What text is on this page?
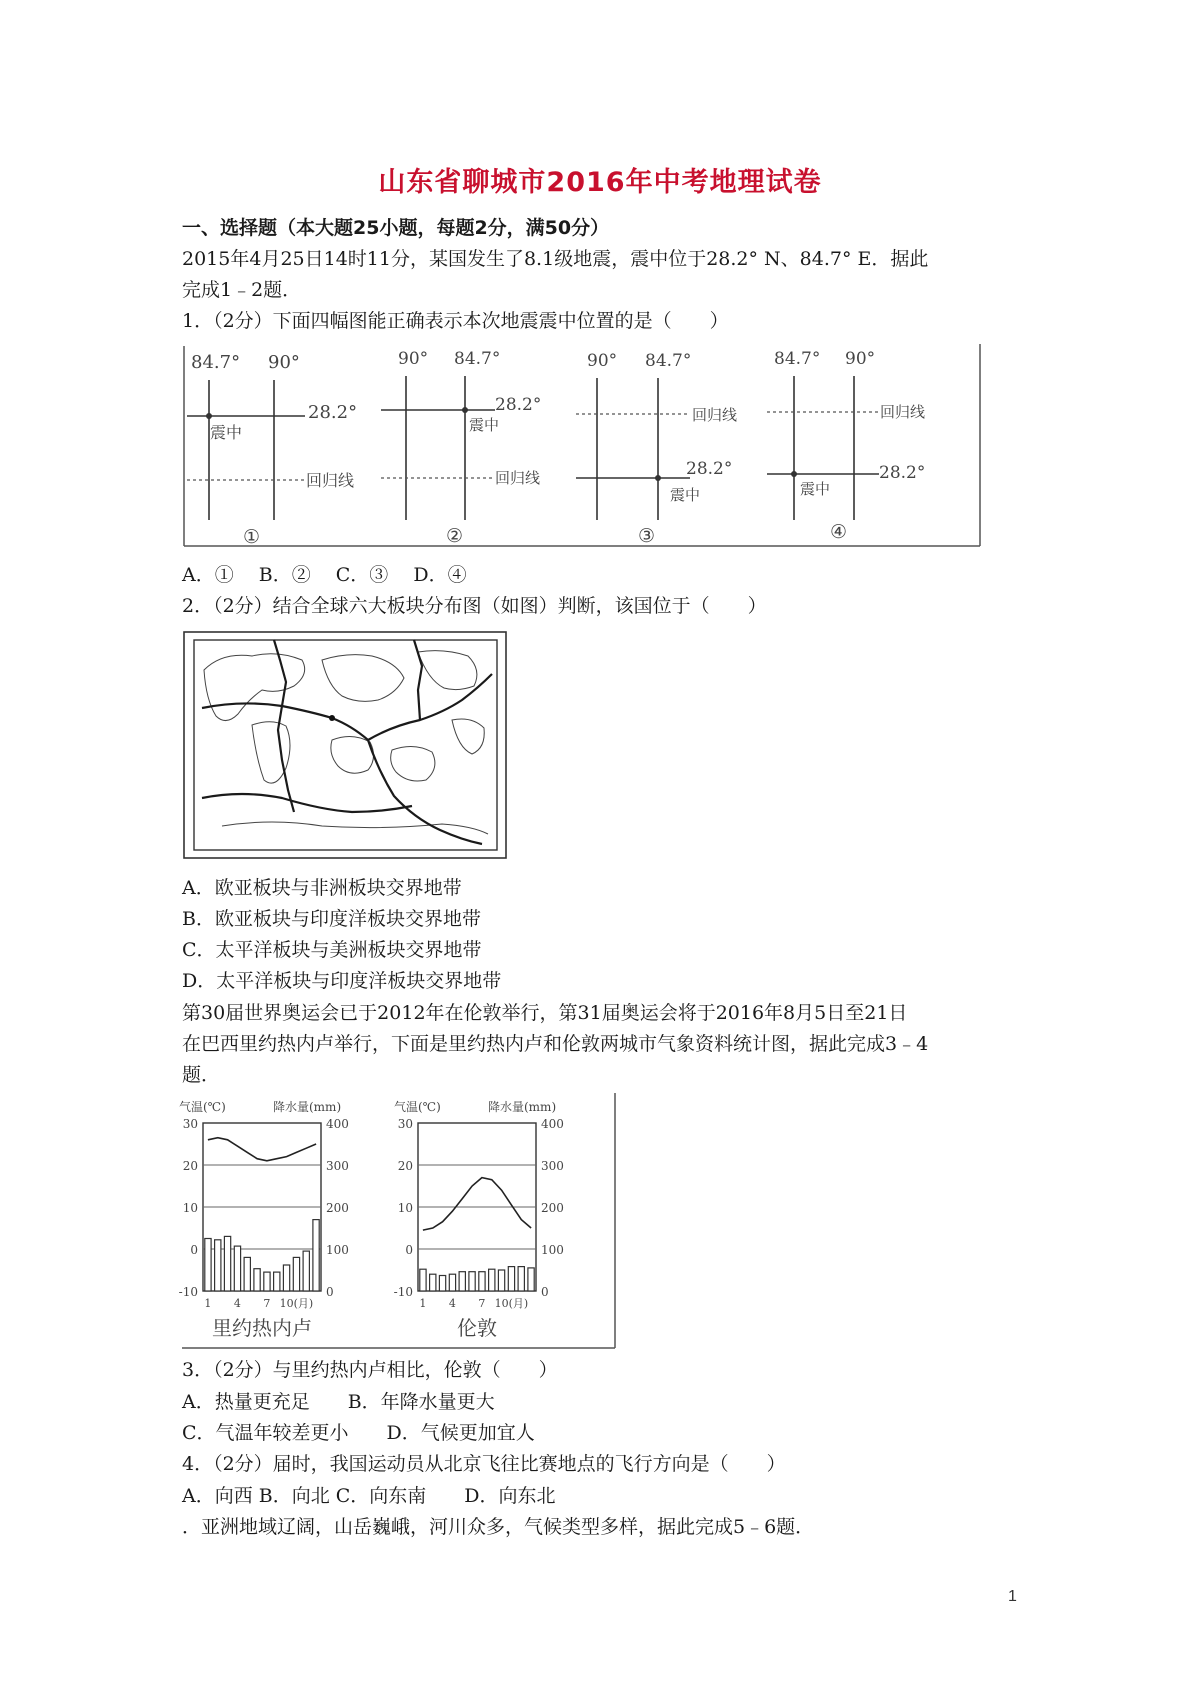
山东省聊城市2016年中考地理试卷
一、选择题（本大题25小题，每题2分，满50分）
2015年4月25日14时11分，某国发生了8.1级地震，震中位于28.2° N、84.7° E．据此
完成1﹣2题．
1．（2分）下面四幅图能正确表示本次地震震中位置的是（　　）
84.7° 90°
28.2°
震中
回归线
①
90° 84.7°
28.2°
震中
回归线
②
90° 84.7°
回归线
28.2°
震中
③
84.7° 90°
回归线
28.2°
震中
④
A．①　 B．②　 C．③　 D．④
2．（2分）结合全球六大板块分布图（如图）判断，该国位于（　　）
A．欧亚板块与非洲板块交界地带
B．欧亚板块与印度洋板块交界地带
C．太平洋板块与美洲板块交界地带
D．太平洋板块与印度洋板块交界地带
第30届世界奥运会已于2012年在伦敦举行，第31届奥运会将于2016年8月5日至21日
在巴西里约热内卢举行，下面是里约热内卢和伦敦两城市气象资料统计图，据此完成3﹣4
题．
30
20
10
0
-10
400
300
200
100
0
1 4 7 10(月)
气温(℃)	降水量(mm)
里约热内卢
30
20
10
0
-10
400
300
200
100
0
1 4 7 10(月)
气温(℃)	降水量(mm)
伦敦
3．（2分）与里约热内卢相比，伦敦（　　）
A．热量更充足　　B．年降水量更大
C．气温年较差更小　　D．气候更加宜人
4．（2分）届时，我国运动员从北京飞往比赛地点的飞行方向是（　　）
A．向西 B．向北 C．向东南　　D．向东北
．亚洲地域辽阔，山岳巍峨，河川众多，气候类型多样，据此完成5﹣6题．
1
